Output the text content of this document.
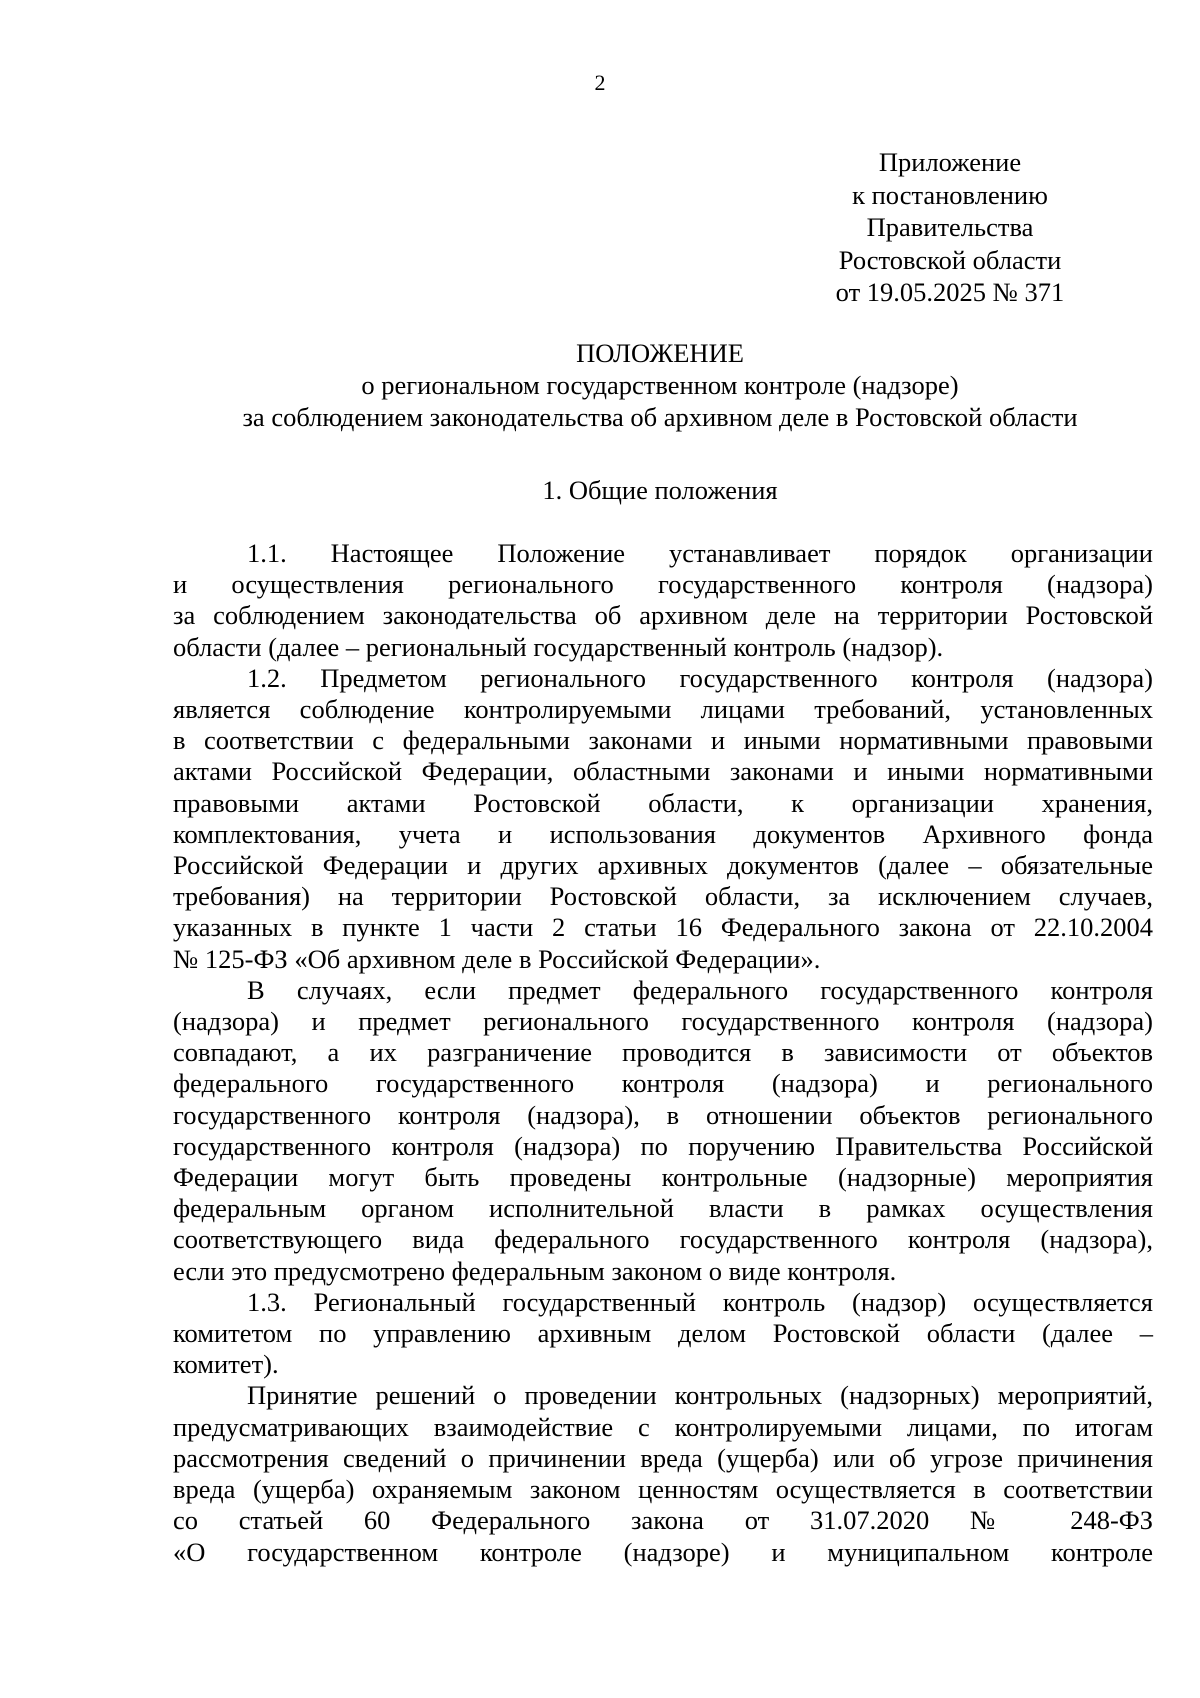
2
Приложение
к постановлению
Правительства
Ростовской области
от 19.05.2025 № 371
ПОЛОЖЕНИЕ
о региональном государственном контроле (надзоре)
за соблюдением законодательства об архивном деле в Ростовской области
1. Общие положения

1.1. Настоящее Положение устанавливает порядок организации
и осуществления регионального государственного контроля (надзора)
за соблюдением законодательства об архивном деле на территории Ростовской
области (далее – региональный государственный контроль (надзор).

1.2. Предметом регионального государственного контроля (надзора)
является соблюдение контролируемыми лицами требований, установленных
в соответствии с федеральными законами и иными нормативными правовыми
актами Российской Федерации, областными законами и иными нормативными
правовыми актами Ростовской области, к организации хранения,
комплектования, учета и использования документов Архивного фонда
Российской Федерации и других архивных документов (далее – обязательные
требования) на территории Ростовской области, за исключением случаев,
указанных в пункте 1 части 2 статьи 16 Федерального закона от 22.10.2004
№ 125-ФЗ «Об архивном деле в Российской Федерации».

В случаях, если предмет федерального государственного контроля
(надзора) и предмет регионального государственного контроля (надзора)
совпадают, а их разграничение проводится в зависимости от объектов
федерального государственного контроля (надзора) и регионального
государственного контроля (надзора), в отношении объектов регионального
государственного контроля (надзора) по поручению Правительства Российской
Федерации могут быть проведены контрольные (надзорные) мероприятия
федеральным органом исполнительной власти в рамках осуществления
соответствующего вида федерального государственного контроля (надзора),
если это предусмотрено федеральным законом о виде контроля.

1.3. Региональный государственный контроль (надзор) осуществляется
комитетом по управлению архивным делом Ростовской области (далее –
комитет).

Принятие решений о проведении контрольных (надзорных) мероприятий,
предусматривающих взаимодействие с контролируемыми лицами, по итогам
рассмотрения сведений о причинении вреда (ущерба) или об угрозе причинения
вреда (ущерба) охраняемым законом ценностям осуществляется в соответствии
со статьей 60 Федерального закона от 31.07.2020 № 248-ФЗ
«О государственном контроле (надзоре) и муниципальном контроле
